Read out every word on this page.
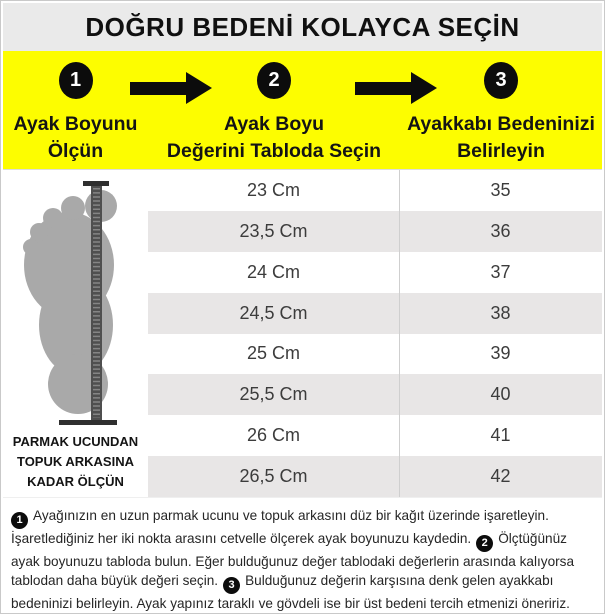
DOĞRU BEDENİ KOLAYCA SEÇİN
1
Ayak Boyunu
Ölçün
2
Ayak Boyu
Değerini Tabloda Seçin
3
Ayakkabı Bedeninizi
Belirleyin
PARMAK UCUNDAN
TOPUK ARKASINA
KADAR ÖLÇÜN
23 Cm	35
23,5 Cm	36
24 Cm	37
24,5 Cm	38
25 Cm	39
25,5 Cm	40
26 Cm	41
26,5 Cm	42
1 Ayağınızın en uzun parmak ucunu ve topuk arkasını düz bir kağıt üzerinde işaretleyin. İşaretlediğiniz her iki nokta arasını cetvelle ölçerek ayak boyunuzu kaydedin. 2 Ölçtüğünüz ayak boyunuzu tabloda bulun. Eğer bulduğunuz değer tablodaki değerlerin arasında kalıyorsa tablodan daha büyük değeri seçin. 3 Bulduğunuz değerin karşısına denk gelen ayakkabı bedeninizi belirleyin. Ayak yapınız taraklı ve gövdeli ise bir üst bedeni tercih etmenizi öneririz.
